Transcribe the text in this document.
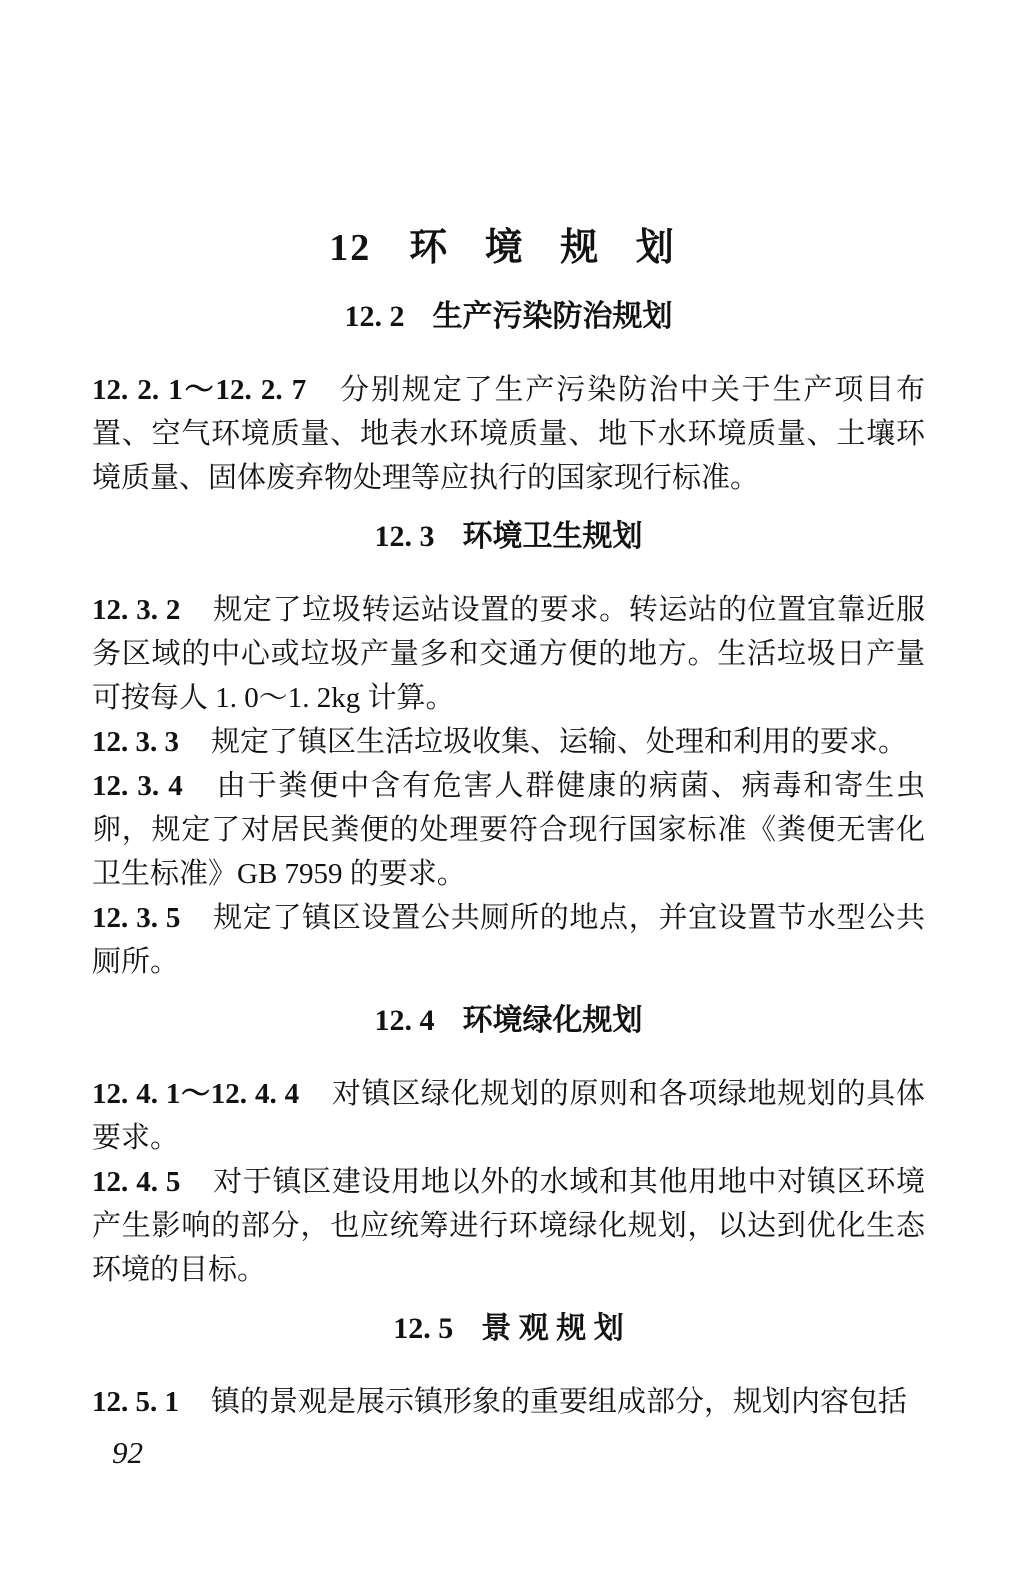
12 环 境 规 划
12. 2 生产污染防治规划

12. 2. 1～12. 2. 7 分别规定了生产污染防治中关于生产项目布置、空气环境质量、地表水环境质量、地下水环境质量、土壤环境质量、固体废弃物处理等应执行的国家现行标准。

12. 3 环境卫生规划

12. 3. 2 规定了垃圾转运站设置的要求。转运站的位置宜靠近服务区域的中心或垃圾产量多和交通方便的地方。生活垃圾日产量可按每人 1. 0～1. 2kg 计算。

12. 3. 3 规定了镇区生活垃圾收集、运输、处理和利用的要求。

12. 3. 4 由于粪便中含有危害人群健康的病菌、病毒和寄生虫卵，规定了对居民粪便的处理要符合现行国家标准《粪便无害化卫生标准》GB 7959 的要求。

12. 3. 5 规定了镇区设置公共厕所的地点，并宜设置节水型公共厕所。

12. 4 环境绿化规划

12. 4. 1～12. 4. 4 对镇区绿化规划的原则和各项绿地规划的具体要求。

12. 4. 5 对于镇区建设用地以外的水域和其他用地中对镇区环境产生影响的部分，也应统筹进行环境绿化规划，以达到优化生态环境的目标。

12. 5 景 观 规 划

12. 5. 1 镇的景观是展示镇形象的重要组成部分，规划内容包括

92
